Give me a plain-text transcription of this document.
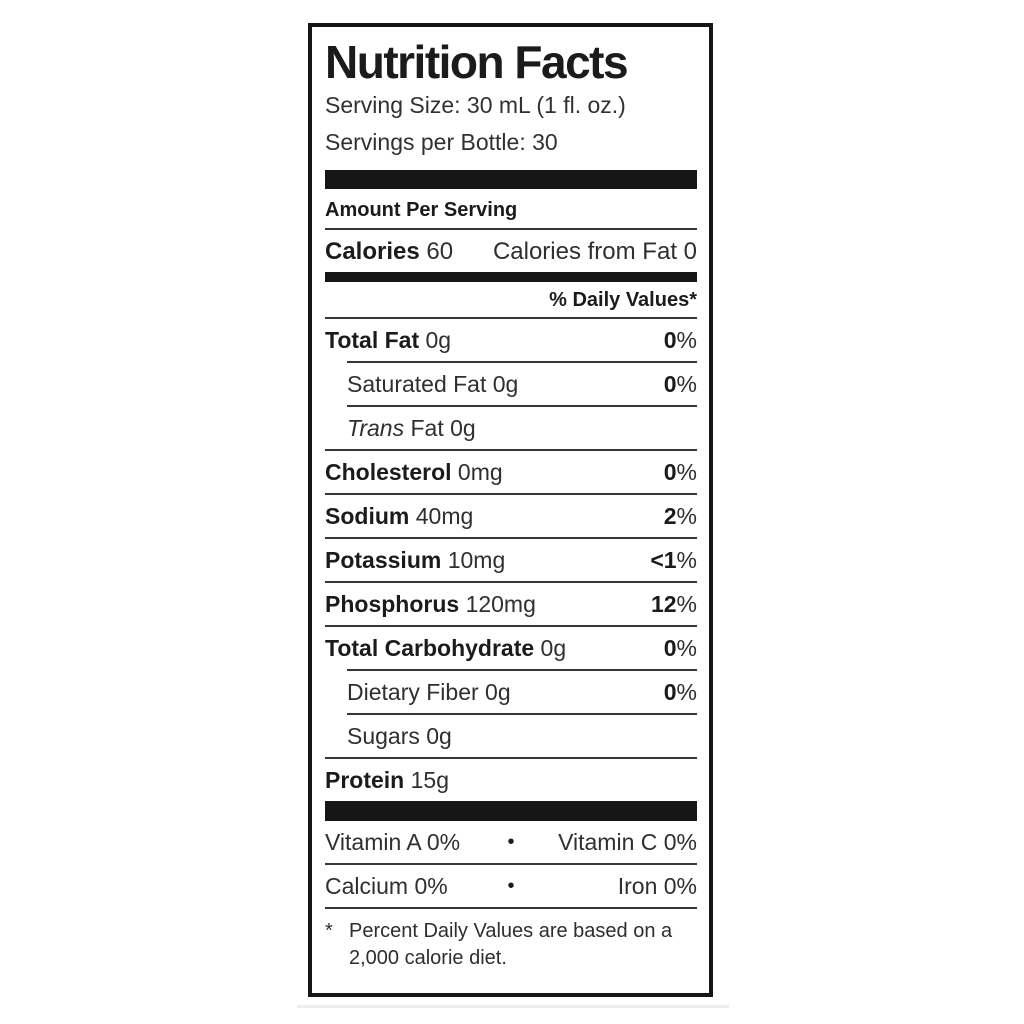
Nutrition Facts
Serving Size: 30 mL (1 fl. oz.)
Servings per Bottle: 30
Amount Per Serving
Calories 60 Calories from Fat 0
% Daily Values*
Total Fat 0g	0%
Saturated Fat 0g	0%
Trans Fat 0g
Cholesterol 0mg	0%
Sodium 40mg	2%
Potassium 10mg	<1%
Phosphorus 120mg	12%
Total Carbohydrate 0g	0%
Dietary Fiber 0g	0%
Sugars 0g
Protein 15g
Vitamin A 0%	•	Vitamin C 0%
Calcium 0%	•	Iron 0%
* Percent Daily Values are based on a 2,000 calorie diet.
